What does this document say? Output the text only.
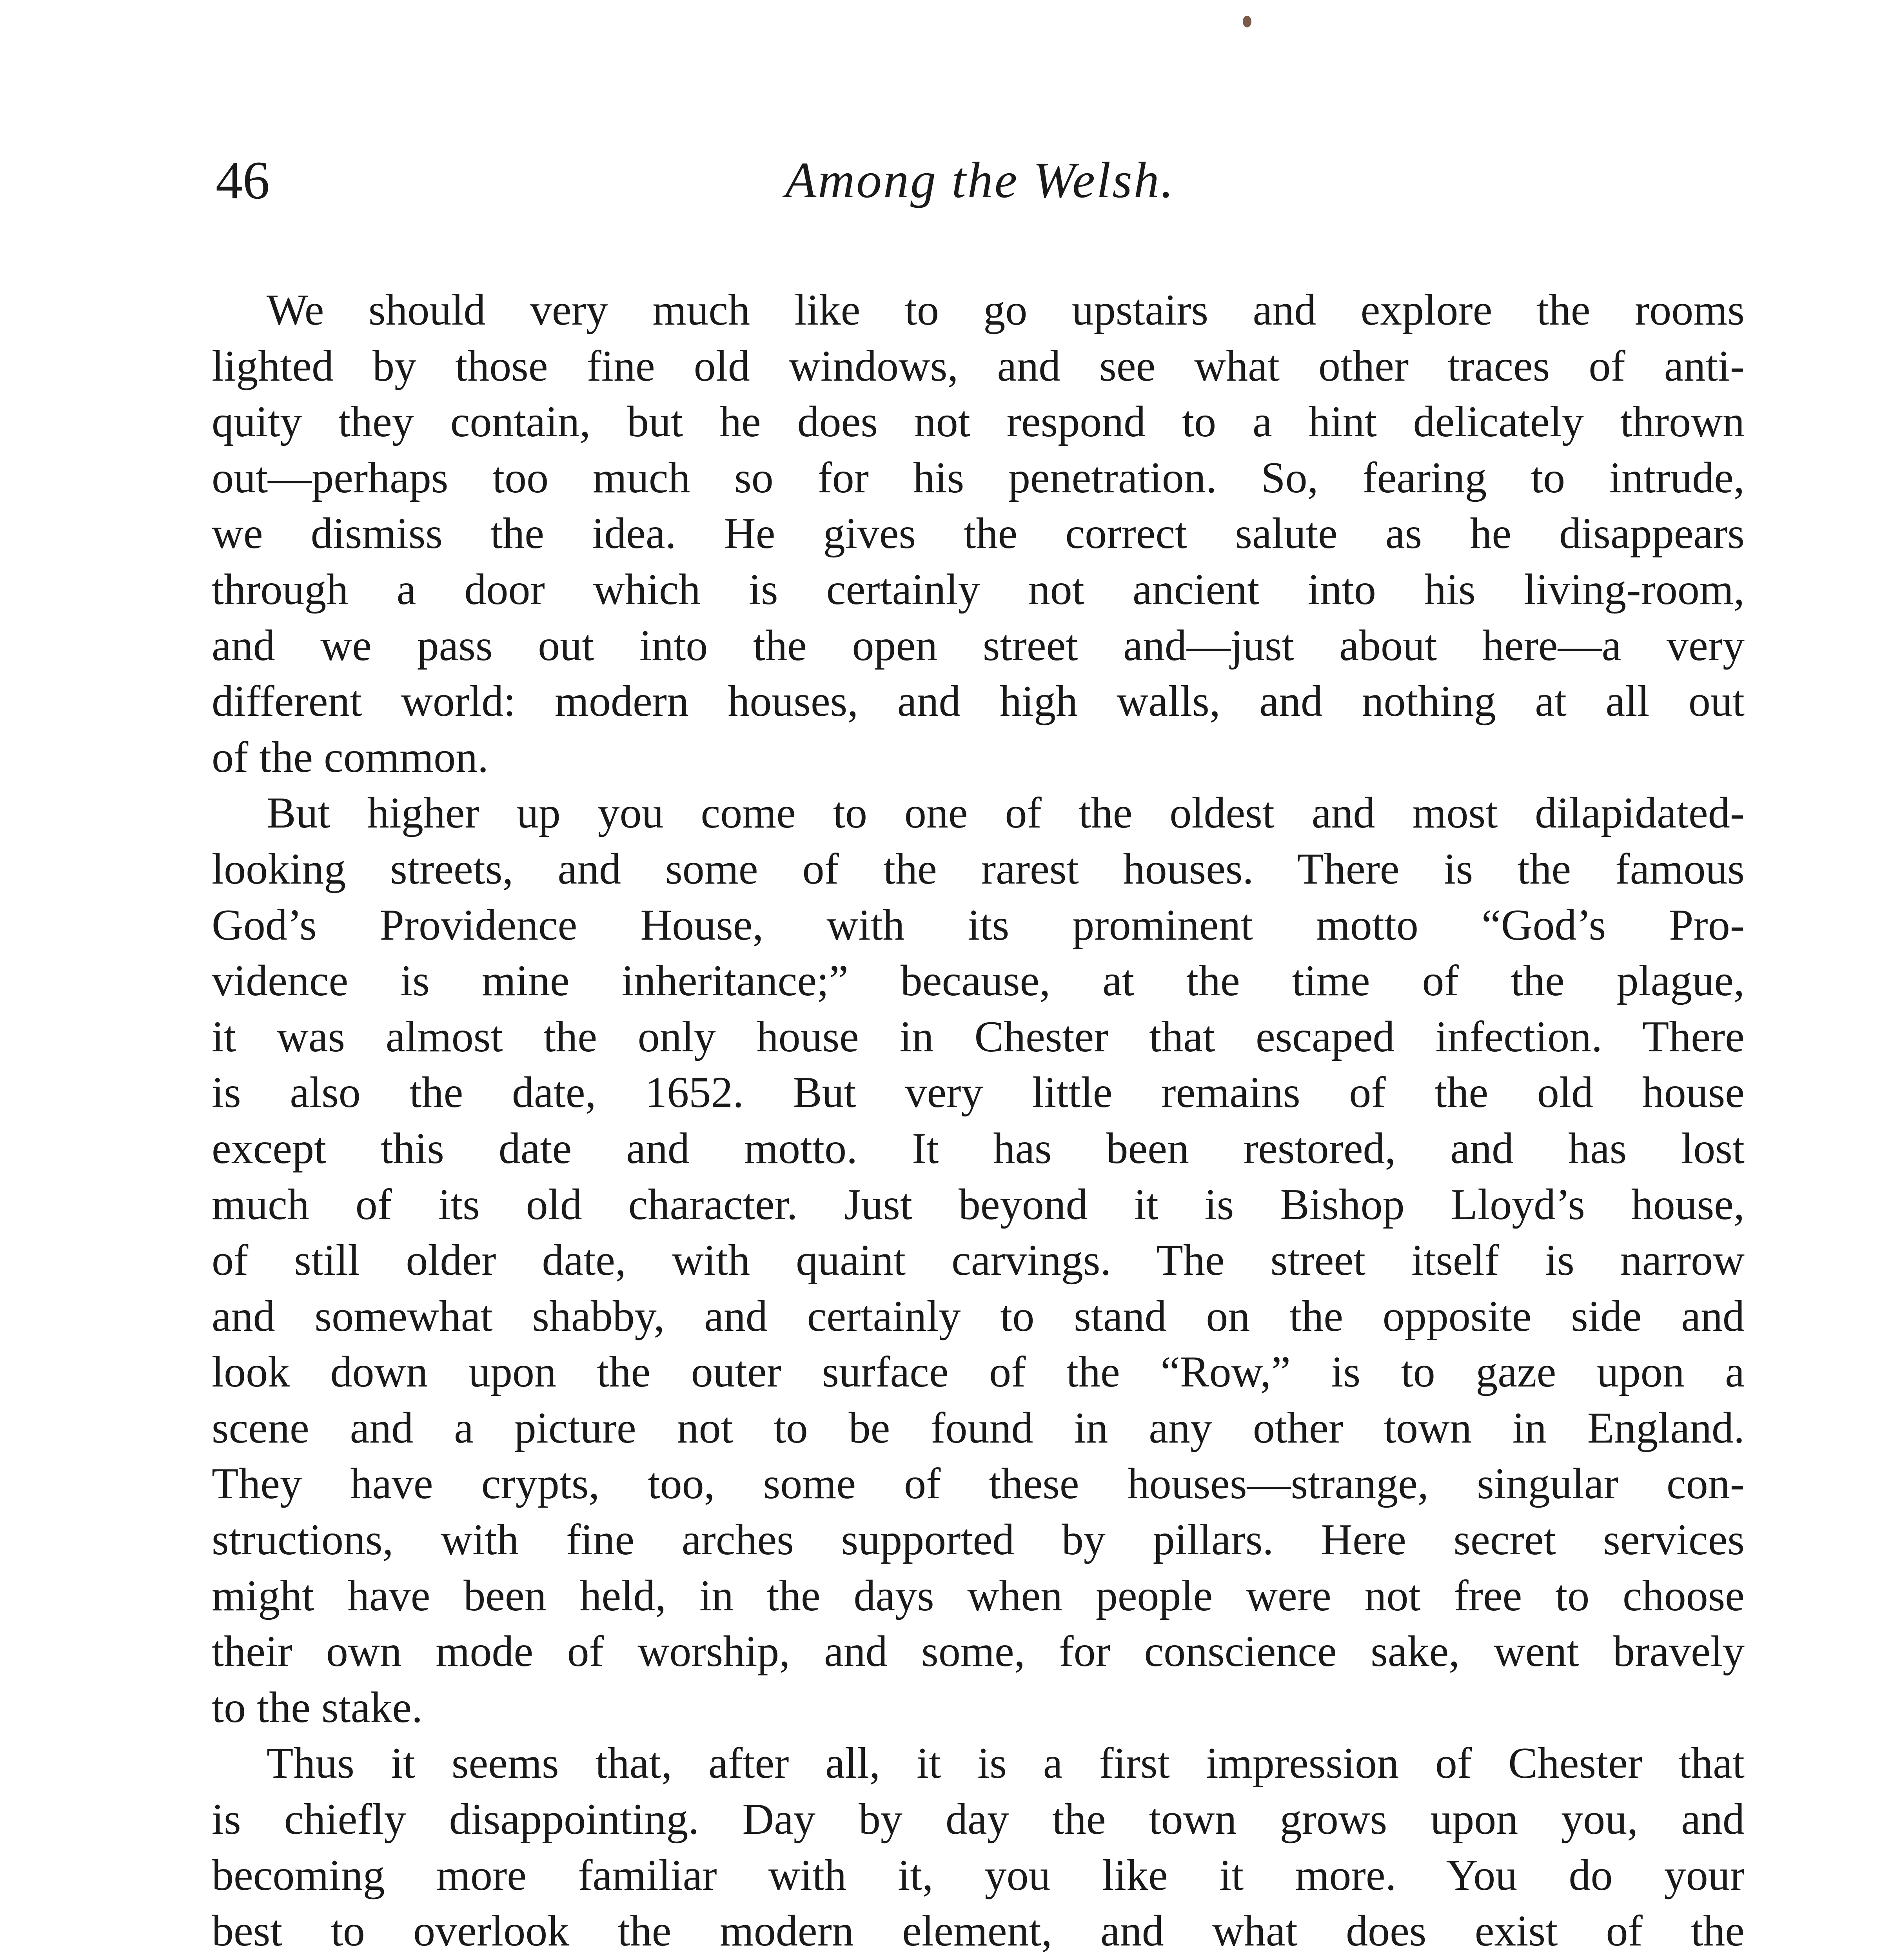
46	Among the Welsh.
We should very much like to go upstairs and explore the rooms
lighted by those fine old windows, and see what other traces of anti-
quity they contain, but he does not respond to a hint delicately thrown
out—perhaps too much so for his penetration. So, fearing to intrude,
we dismiss the idea. He gives the correct salute as he disappears
through a door which is certainly not ancient into his living-room,
and we pass out into the open street and—just about here—a very
different world: modern houses, and high walls, and nothing at all out
of the common.
But higher up you come to one of the oldest and most dilapidated-
looking streets, and some of the rarest houses. There is the famous
God’s Providence House, with its prominent motto “God’s Pro-
vidence is mine inheritance;” because, at the time of the plague,
it was almost the only house in Chester that escaped infection. There
is also the date, 1652. But very little remains of the old house
except this date and motto. It has been restored, and has lost
much of its old character. Just beyond it is Bishop Lloyd’s house,
of still older date, with quaint carvings. The street itself is narrow
and somewhat shabby, and certainly to stand on the opposite side and
look down upon the outer surface of the “Row,” is to gaze upon a
scene and a picture not to be found in any other town in England.
They have crypts, too, some of these houses—strange, singular con-
structions, with fine arches supported by pillars. Here secret services
might have been held, in the days when people were not free to choose
their own mode of worship, and some, for conscience sake, went bravely
to the stake.
Thus it seems that, after all, it is a first impression of Chester that
is chiefly disappointing. Day by day the town grows upon you, and
becoming more familiar with it, you like it more. You do your
best to overlook the modern element, and what does exist of the
